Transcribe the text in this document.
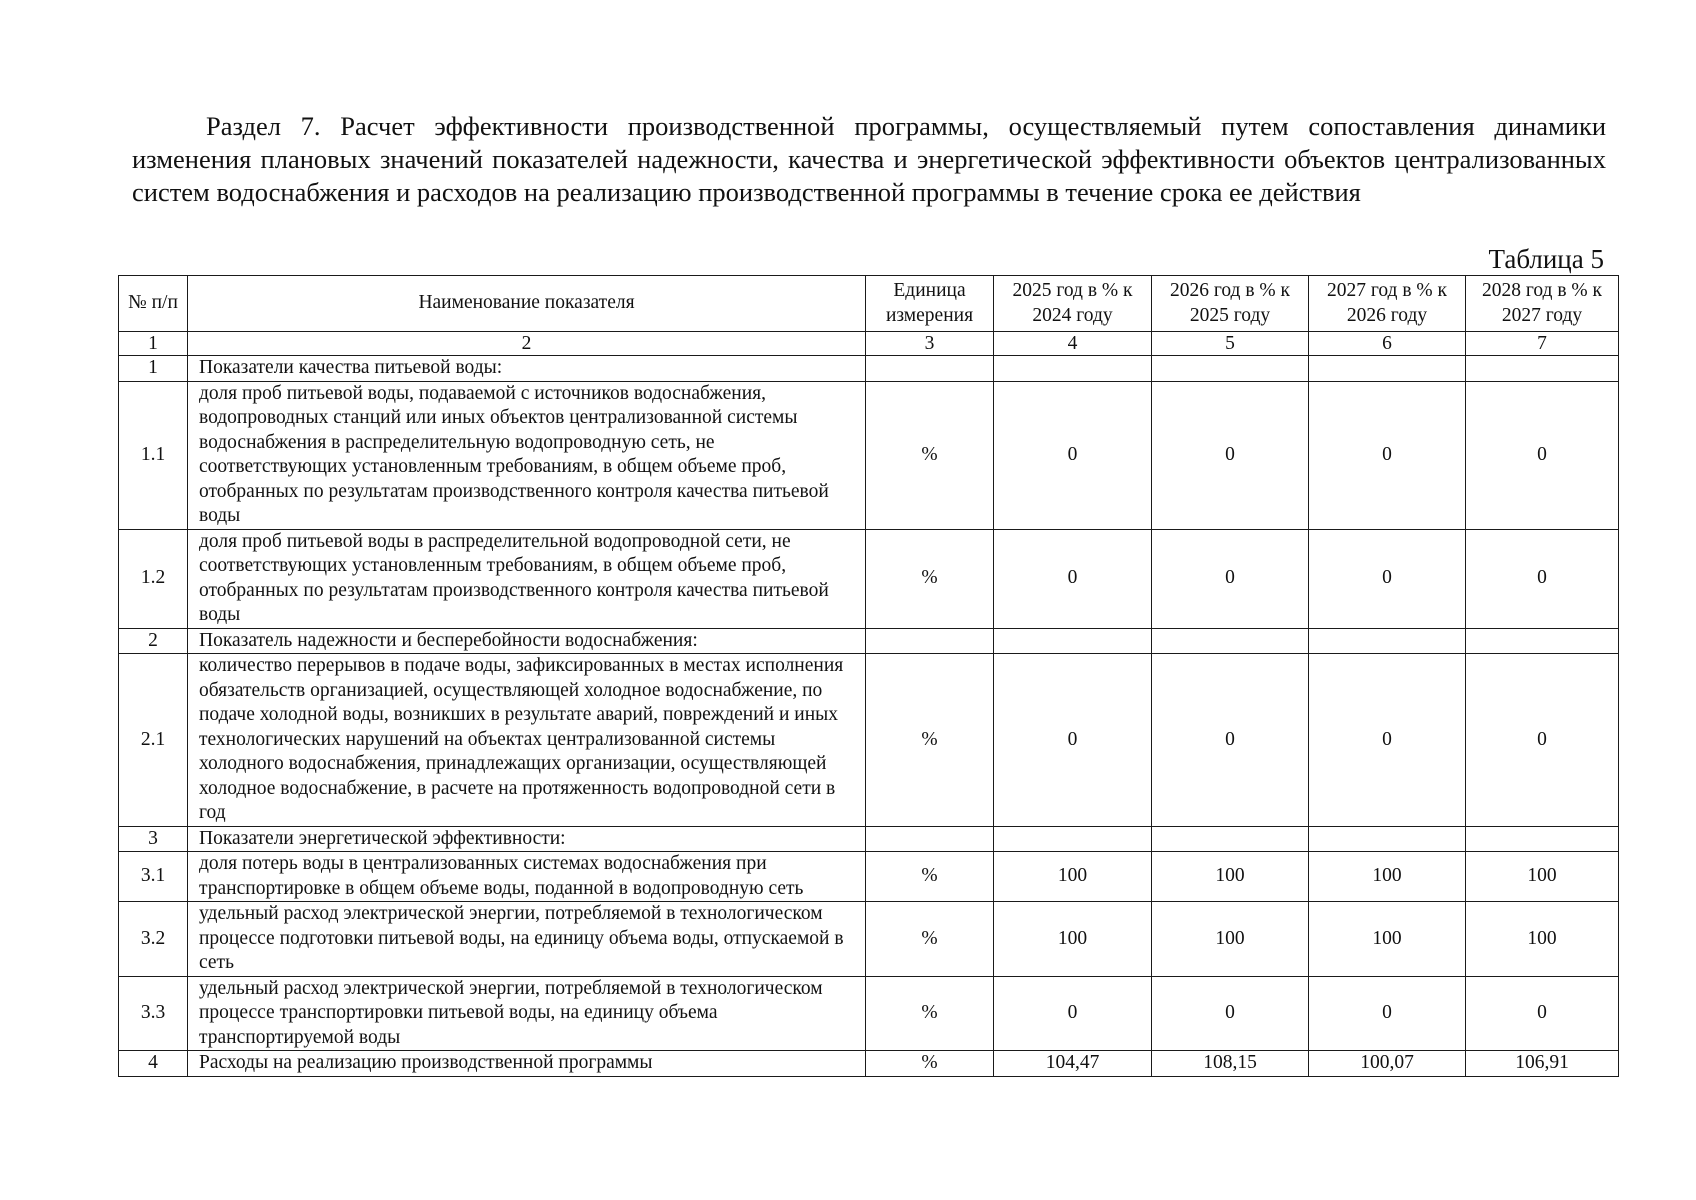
Раздел 7. Расчет эффективности производственной программы, осуществляемый путем сопоставления динамики изменения плановых значений показателей надежности, качества и энергетической эффективности объектов централизованных систем водоснабжения и расходов на реализацию производственной программы в течение срока ее действия
Таблица 5
№ п/п	Наименование показателя	Единица измерения	2025 год в % к 2024 году	2026 год в % к 2025 году	2027 год в % к 2026 году	2028 год в % к 2027 году
1	2	3	4	5	6	7
1	Показатели качества питьевой воды:					
1.1	доля проб питьевой воды, подаваемой с источников водоснабжения, водопроводных станций или иных объектов централизованной системы водоснабжения в распределительную водопроводную сеть, не соответствующих установленным требованиям, в общем объеме проб, отобранных по результатам производственного контроля качества питьевой воды	%	0	0	0	0
1.2	доля проб питьевой воды в распределительной водопроводной сети, не соответствующих установленным требованиям, в общем объеме проб, отобранных по результатам производственного контроля качества питьевой воды	%	0	0	0	0
2	Показатель надежности и бесперебойности водоснабжения:					
2.1	количество перерывов в подаче воды, зафиксированных в местах исполнения обязательств организацией, осуществляющей холодное водоснабжение, по подаче холодной воды, возникших в результате аварий, повреждений и иных технологических нарушений на объектах централизованной системы холодного водоснабжения, принадлежащих организации, осуществляющей холодное водоснабжение, в расчете на протяженность водопроводной сети в год	%	0	0	0	0
3	Показатели энергетической эффективности:					
3.1	доля потерь воды в централизованных системах водоснабжения при транспортировке в общем объеме воды, поданной в водопроводную сеть	%	100	100	100	100
3.2	удельный расход электрической энергии, потребляемой в технологическом процессе подготовки питьевой воды, на единицу объема воды, отпускаемой в сеть	%	100	100	100	100
3.3	удельный расход электрической энергии, потребляемой в технологическом процессе транспортировки питьевой воды, на единицу объема транспортируемой воды	%	0	0	0	0
4	Расходы на реализацию производственной программы	%	104,47	108,15	100,07	106,91
